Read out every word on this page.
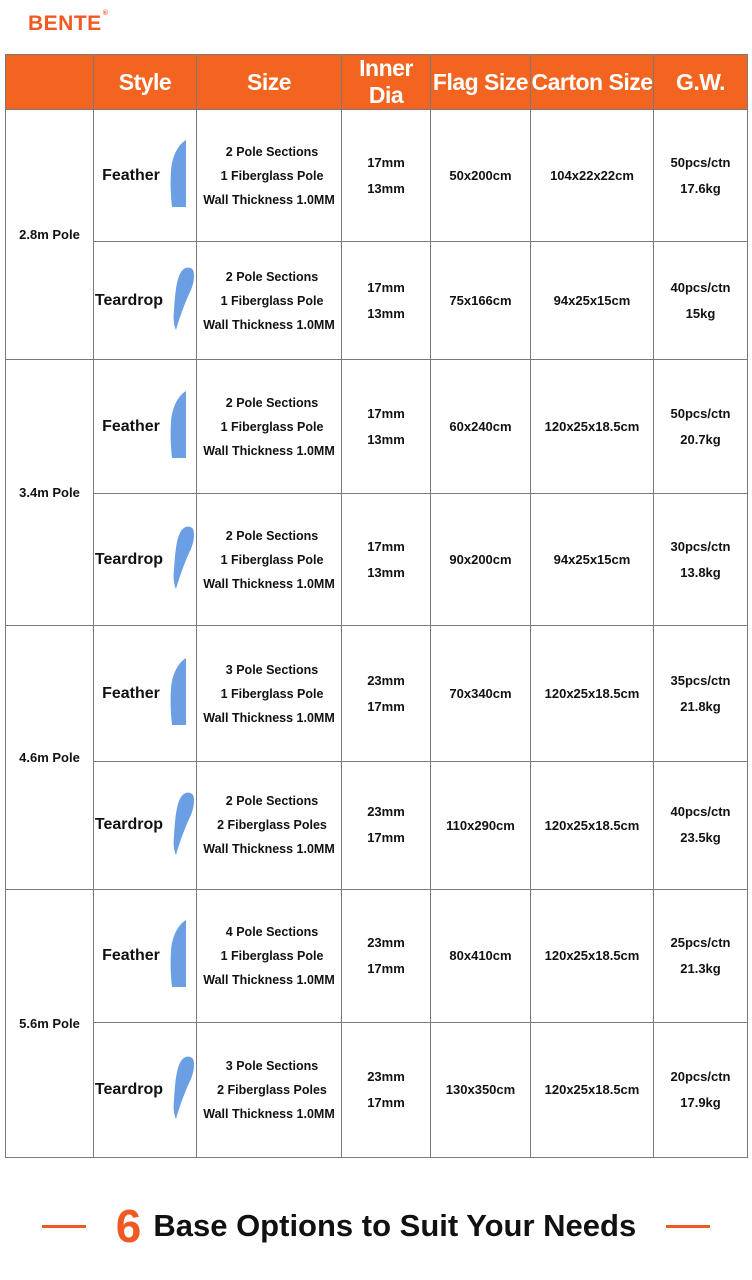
BENTE®
	Style	Size	Inner Dia	Flag Size	Carton Size	G.W.
2.8m Pole	Feather	2 Pole Sections
1 Fiberglass Pole
Wall Thickness 1.0MM	17mm
13mm	50x200cm	104x22x22cm	50pcs/ctn
17.6kg

	Teardrop	2 Pole Sections
1 Fiberglass Pole
Wall Thickness 1.0MM	17mm
13mm	75x166cm	94x25x15cm	40pcs/ctn
15kg

3.4m Pole	Feather	2 Pole Sections
1 Fiberglass Pole
Wall Thickness 1.0MM	17mm
13mm	60x240cm	120x25x18.5cm	50pcs/ctn
20.7kg

	Teardrop	2 Pole Sections
1 Fiberglass Pole
Wall Thickness 1.0MM	17mm
13mm	90x200cm	94x25x15cm	30pcs/ctn
13.8kg

4.6m Pole	Feather	3 Pole Sections
1 Fiberglass Pole
Wall Thickness 1.0MM	23mm
17mm	70x340cm	120x25x18.5cm	35pcs/ctn
21.8kg

	Teardrop	2 Pole Sections
2 Fiberglass Poles
Wall Thickness 1.0MM	23mm
17mm	110x290cm	120x25x18.5cm	40pcs/ctn
23.5kg

5.6m Pole	Feather	4 Pole Sections
1 Fiberglass Pole
Wall Thickness 1.0MM	23mm
17mm	80x410cm	120x25x18.5cm	25pcs/ctn
21.3kg

	Teardrop	3 Pole Sections
2 Fiberglass Poles
Wall Thickness 1.0MM	23mm
17mm	130x350cm	120x25x18.5cm	20pcs/ctn
17.9kg
6 Base Options to Suit Your Needs
